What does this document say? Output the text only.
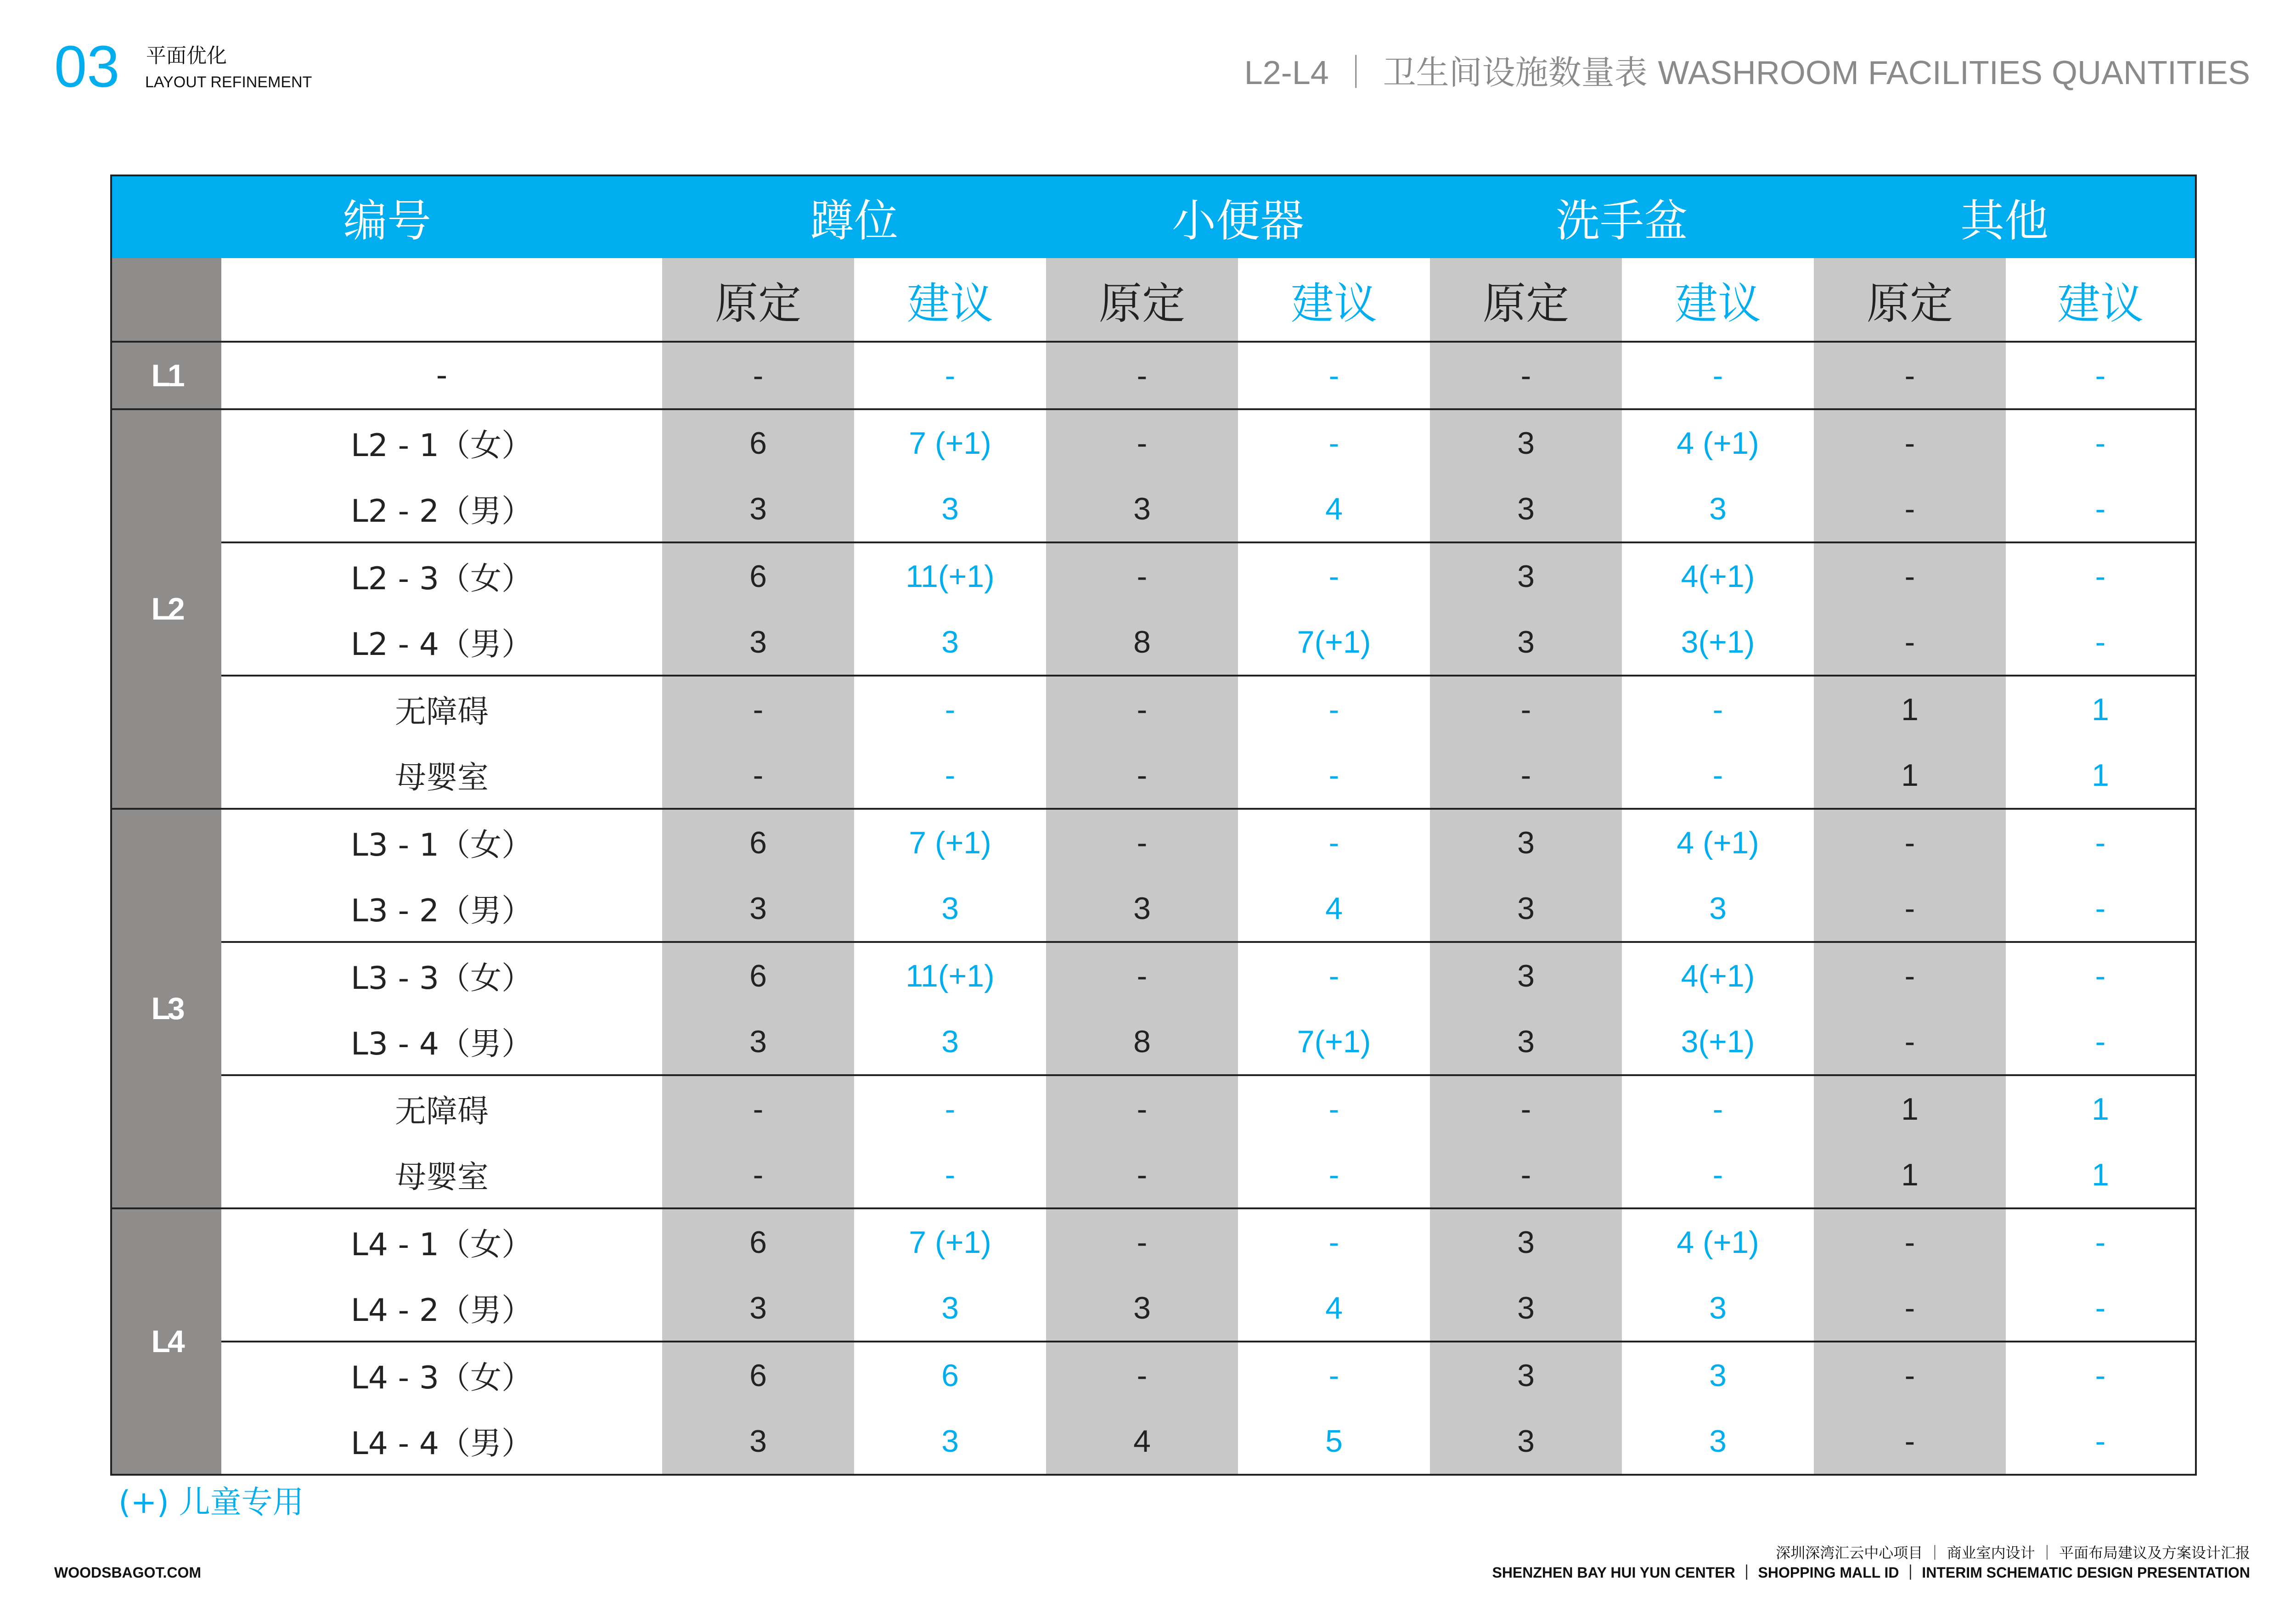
03 平面优化
LAYOUT REFINEMENT	L2-L4 ｜ 卫生间设施数量表 WASHROOM FACILITIES QUANTITIES
编号		蹲位		小便器		洗手盆		其他	
		原定	建议	原定	建议	原定	建议	原定	建议
L1	-	-	-	-	-	-	-	-	-
L2	L2 - 1（女）	6	7 (+1)	-	-	3	4 (+1)	-	-
	L2 - 2（男）	3	3	3	4	3	3	-	-
	L2 - 3（女）	6	11(+1)	-	-	3	4(+1)	-	-
	L2 - 4（男）	3	3	8	7(+1)	3	3(+1)	-	-
	无障碍	-	-	-	-	-	-	1	1
	母婴室	-	-	-	-	-	-	1	1
L3	L3 - 1（女）	6	7 (+1)	-	-	3	4 (+1)	-	-
	L3 - 2（男）	3	3	3	4	3	3	-	-
	L3 - 3（女）	6	11(+1)	-	-	3	4(+1)	-	-
	L3 - 4（男）	3	3	8	7(+1)	3	3(+1)	-	-
	无障碍	-	-	-	-	-	-	1	1
	母婴室	-	-	-	-	-	-	1	1
L4	L4 - 1（女）	6	7 (+1)	-	-	3	4 (+1)	-	-
	L4 - 2（男）	3	3	3	4	3	3	-	-
	L4 - 3（女）	6	6	-	-	3	3	-	-
	L4 - 4（男）	3	3	4	5	3	3	-	-
(+) 儿童专用
WOODSBAGOT.COM
深圳深湾汇云中心项目 ｜ 商业室内设计 ｜ 平面布局建议及方案设计汇报
SHENZHEN BAY HUI YUN CENTER ｜ SHOPPING MALL ID ｜ INTERIM SCHEMATIC DESIGN PRESENTATION
